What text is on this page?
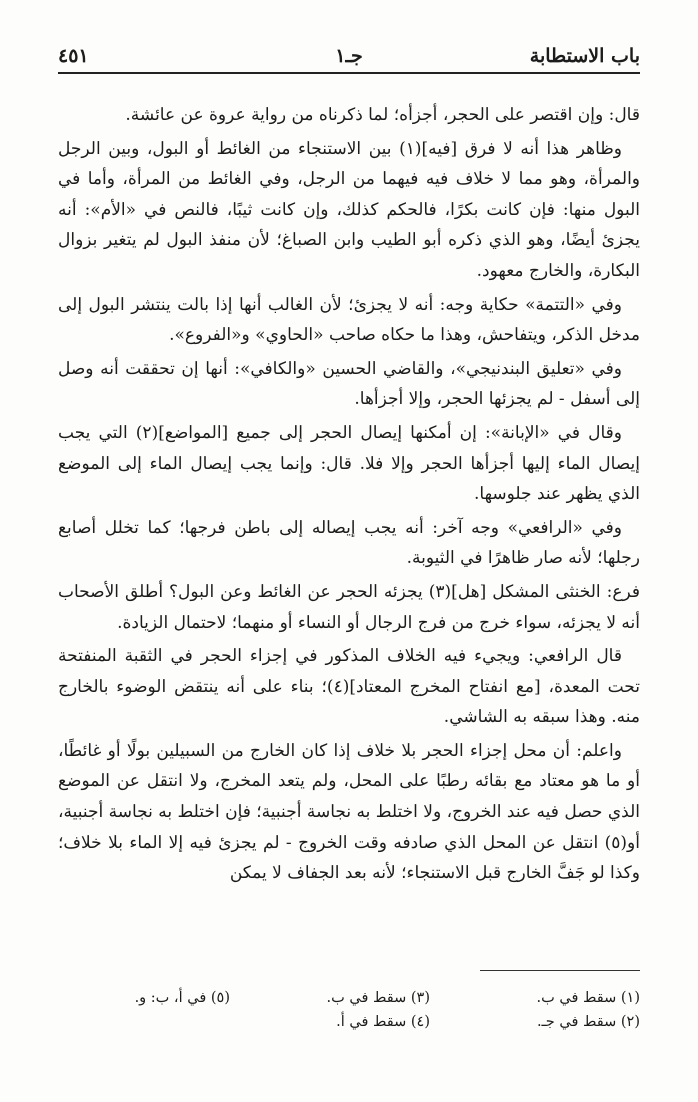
باب الاستطابة
جـ١
٤٥١

قال: وإن اقتصر على الحجر، أجزأه؛ لما ذكرناه من رواية عروة عن عائشة.

وظاهر هذا أنه لا فرق [فيه](١) بين الاستنجاء من الغائط أو البول، وبين الرجل والمرأة، وهو مما لا خلاف فيه فيهما من الرجل، وفي الغائط من المرأة، وأما في البول منها: فإن كانت بكرًا، فالحكم كذلك، وإن كانت ثيبًا، فالنص في «الأم»: أنه يجزئ أيضًا، وهو الذي ذكره أبو الطيب وابن الصباغ؛ لأن منفذ البول لم يتغير بزوال البكارة، والخارج معهود.

وفي «التتمة» حكاية وجه: أنه لا يجزئ؛ لأن الغالب أنها إذا بالت ينتشر البول إلى مدخل الذكر، ويتفاحش، وهذا ما حكاه صاحب «الحاوي» و«الفروع».

وفي «تعليق البندنيجي»، والقاضي الحسين «والكافي»: أنها إن تحققت أنه وصل إلى أسفل - لم يجزئها الحجر، وإلا أجزأها.

وقال في «الإبانة»: إن أمكنها إيصال الحجر إلى جميع [المواضع](٢) التي يجب إيصال الماء إليها أجزأها الحجر وإلا فلا. قال: وإنما يجب إيصال الماء إلى الموضع الذي يظهر عند جلوسها.

وفي «الرافعي» وجه آخر: أنه يجب إيصاله إلى باطن فرجها؛ كما تخلل أصابع رجلها؛ لأنه صار ظاهرًا في الثيوبة.

فرع: الخنثى المشكل [هل](٣) يجزئه الحجر عن الغائط وعن البول؟ أطلق الأصحاب أنه لا يجزئه، سواء خرج من فرج الرجال أو النساء أو منهما؛ لاحتمال الزيادة.

قال الرافعي: ويجيء فيه الخلاف المذكور في إجزاء الحجر في الثقبة المنفتحة تحت المعدة، [مع انفتاح المخرج المعتاد](٤)؛ بناء على أنه ينتقض الوضوء بالخارج منه. وهذا سبقه به الشاشي.

واعلم: أن محل إجزاء الحجر بلا خلاف إذا كان الخارج من السبيلين بولًا أو غائطًا، أو ما هو معتاد مع بقائه رطبًا على المحل، ولم يتعد المخرج، ولا انتقل عن الموضع الذي حصل فيه عند الخروج، ولا اختلط به نجاسة أجنبية؛ فإن اختلط به نجاسة أجنبية، أو(٥) انتقل عن المحل الذي صادفه وقت الخروج - لم يجزئ فيه إلا الماء بلا خلاف؛ وكذا لو جَفَّ الخارج قبل الاستنجاء؛ لأنه بعد الجفاف لا يمكن

(١) سقط في ب.
(٣) سقط في ب.
(٥) في أ، ب: و.
(٢) سقط في جـ.
(٤) سقط في أ.
